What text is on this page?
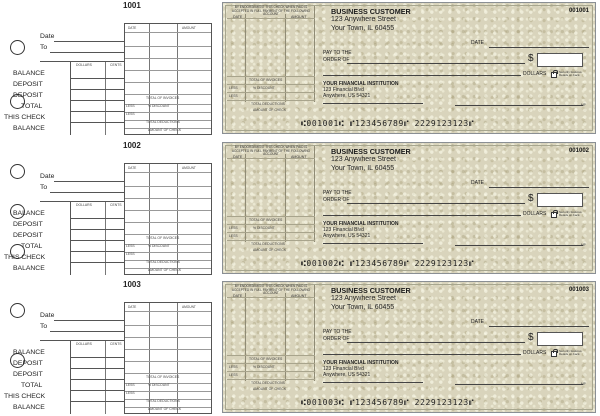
1001
Date
To
DOLLARS	CENTS
BALANCE
DEPOSIT
DEPOSIT
TOTAL
THIS CHECK
BALANCE
DATE	AMOUNT
TOTAL OF INVOICES
LESS	% DISCOUNT
LESS
TOTAL DEDUCTIONS
AMOUNT OF CHECK
BY ENDORSEMENT THIS CHECK WHEN PAID IS ACCEPTED IN FULL PAYMENT OF THE FOLLOWING ACCOUNT
DATE	AMOUNT
TOTAL OF INVOICES
LESS	% DISCOUNT
LESS
TOTAL DEDUCTIONS
AMOUNT OF CHECK
BUSINESS CUSTOMER
123 Anywhere Street
Your Town, IL 60455
001001
DATE
PAY TO THE
ORDER OF	$
DOLLARS	Security features. Details on back.
YOUR FINANCIAL INSTITUTION
123 Financial Blvd
Anywhere, US 54321
MP
⑆001001⑆ ⑈123456789⑈ 2229123123⑈
1002
Date
To
DOLLARS	CENTS
BALANCE
DEPOSIT
DEPOSIT
TOTAL
THIS CHECK
BALANCE
DATE	AMOUNT
TOTAL OF INVOICES
LESS	% DISCOUNT
LESS
TOTAL DEDUCTIONS
AMOUNT OF CHECK
BY ENDORSEMENT THIS CHECK WHEN PAID IS ACCEPTED IN FULL PAYMENT OF THE FOLLOWING ACCOUNT
DATE	AMOUNT
TOTAL OF INVOICES
LESS	% DISCOUNT
LESS
TOTAL DEDUCTIONS
AMOUNT OF CHECK
BUSINESS CUSTOMER
123 Anywhere Street
Your Town, IL 60455
001002
DATE
PAY TO THE
ORDER OF	$
DOLLARS	Security features. Details on back.
YOUR FINANCIAL INSTITUTION
123 Financial Blvd
Anywhere, US 54321
MP
⑆001002⑆ ⑈123456789⑈ 2229123123⑈
1003
Date
To
DOLLARS	CENTS
BALANCE
DEPOSIT
DEPOSIT
TOTAL
THIS CHECK
BALANCE
DATE	AMOUNT
TOTAL OF INVOICES
LESS	% DISCOUNT
LESS
TOTAL DEDUCTIONS
AMOUNT OF CHECK
BY ENDORSEMENT THIS CHECK WHEN PAID IS ACCEPTED IN FULL PAYMENT OF THE FOLLOWING ACCOUNT
DATE	AMOUNT
TOTAL OF INVOICES
LESS	% DISCOUNT
LESS
TOTAL DEDUCTIONS
AMOUNT OF CHECK
BUSINESS CUSTOMER
123 Anywhere Street
Your Town, IL 60455
001003
DATE
PAY TO THE
ORDER OF	$
DOLLARS	Security features. Details on back.
YOUR FINANCIAL INSTITUTION
123 Financial Blvd
Anywhere, US 54321
MP
⑆001003⑆ ⑈123456789⑈ 2229123123⑈
